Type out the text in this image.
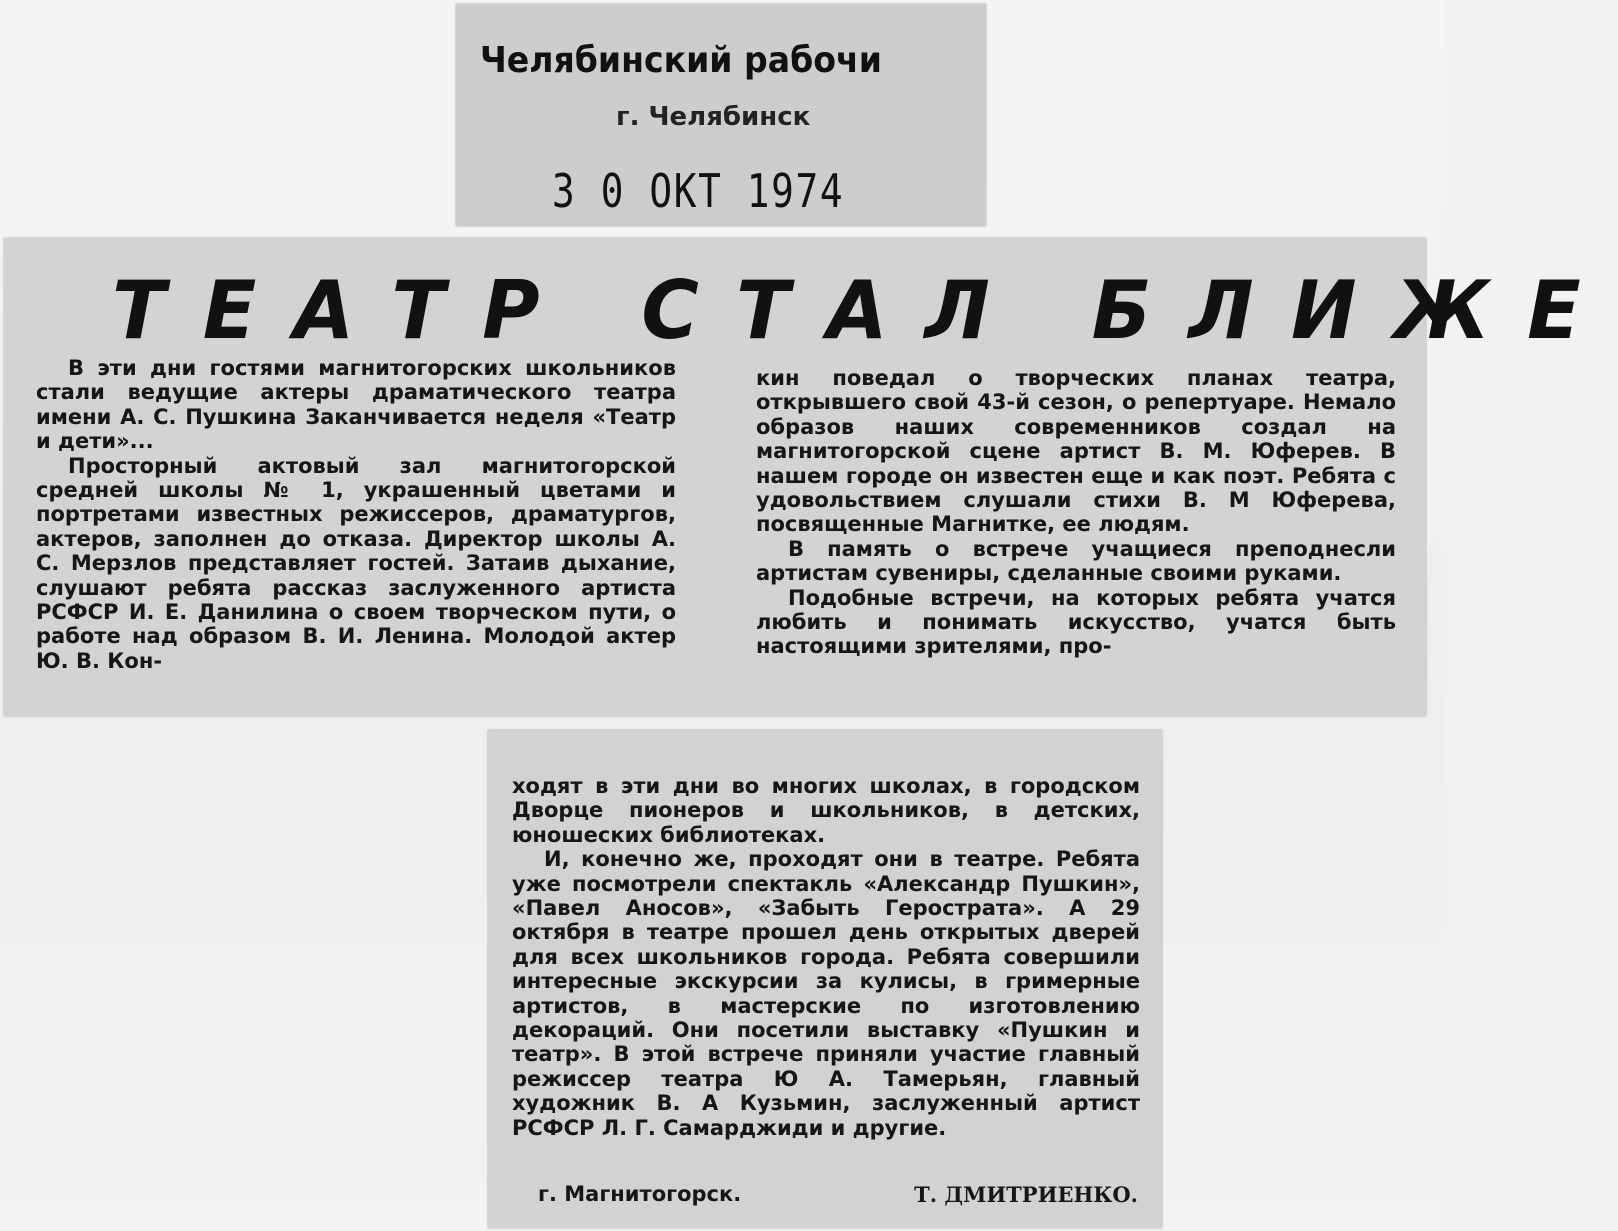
Челябинский рабочи
г. Челябинск
3 0 ОКТ 1974
ТЕАТР СТАЛ БЛИЖЕ

В эти дни гостями магнитогорских школьников стали ведущие актеры драматического театра имени А. С. Пушкина Заканчивается неделя «Театр и дети»...

Просторный актовый зал магнитогорской средней школы № 1, украшенный цветами и портретами известных режиссеров, драматургов, актеров, заполнен до отказа. Директор школы А. С. Мерзлов представляет гостей. Затаив дыхание, слушают ребята рассказ заслуженного артиста РСФСР И. Е. Данилина о своем творческом пути, о работе над образом В. И. Ленина. Молодой актер Ю. В. Кон-

кин поведал о творческих планах театра, открывшего свой 43-й сезон, о репертуаре. Немало образов наших современников создал на магнитогорской сцене артист В. М. Юферев. В нашем городе он известен еще и как поэт. Ребята с удовольствием слушали стихи В. М Юферева, посвященные Магнитке, ее людям.

В память о встрече учащиеся преподнесли артистам сувениры, сделанные своими руками.

Подобные встречи, на которых ребята учатся любить и понимать искусство, учатся быть настоящими зрителями, про-

ходят в эти дни во многих школах, в городском Дворце пионеров и школьников, в детских, юношеских библиотеках.

И, конечно же, проходят они в театре. Ребята уже посмотрели спектакль «Александр Пушкин», «Павел Аносов», «Забыть Герострата». А 29 октября в театре прошел день открытых дверей для всех школьников города. Ребята совершили интересные экскурсии за кулисы, в гримерные артистов, в мастерские по изготовлению декораций. Они посетили выставку «Пушкин и театр». В этой встрече приняли участие главный режиссер театра Ю А. Тамерьян, главный художник В. А Кузьмин, заслуженный артист РСФСР Л. Г. Самарджиди и другие.

г. Магнитогорск.	Т. ДМИТРИЕНКО.
